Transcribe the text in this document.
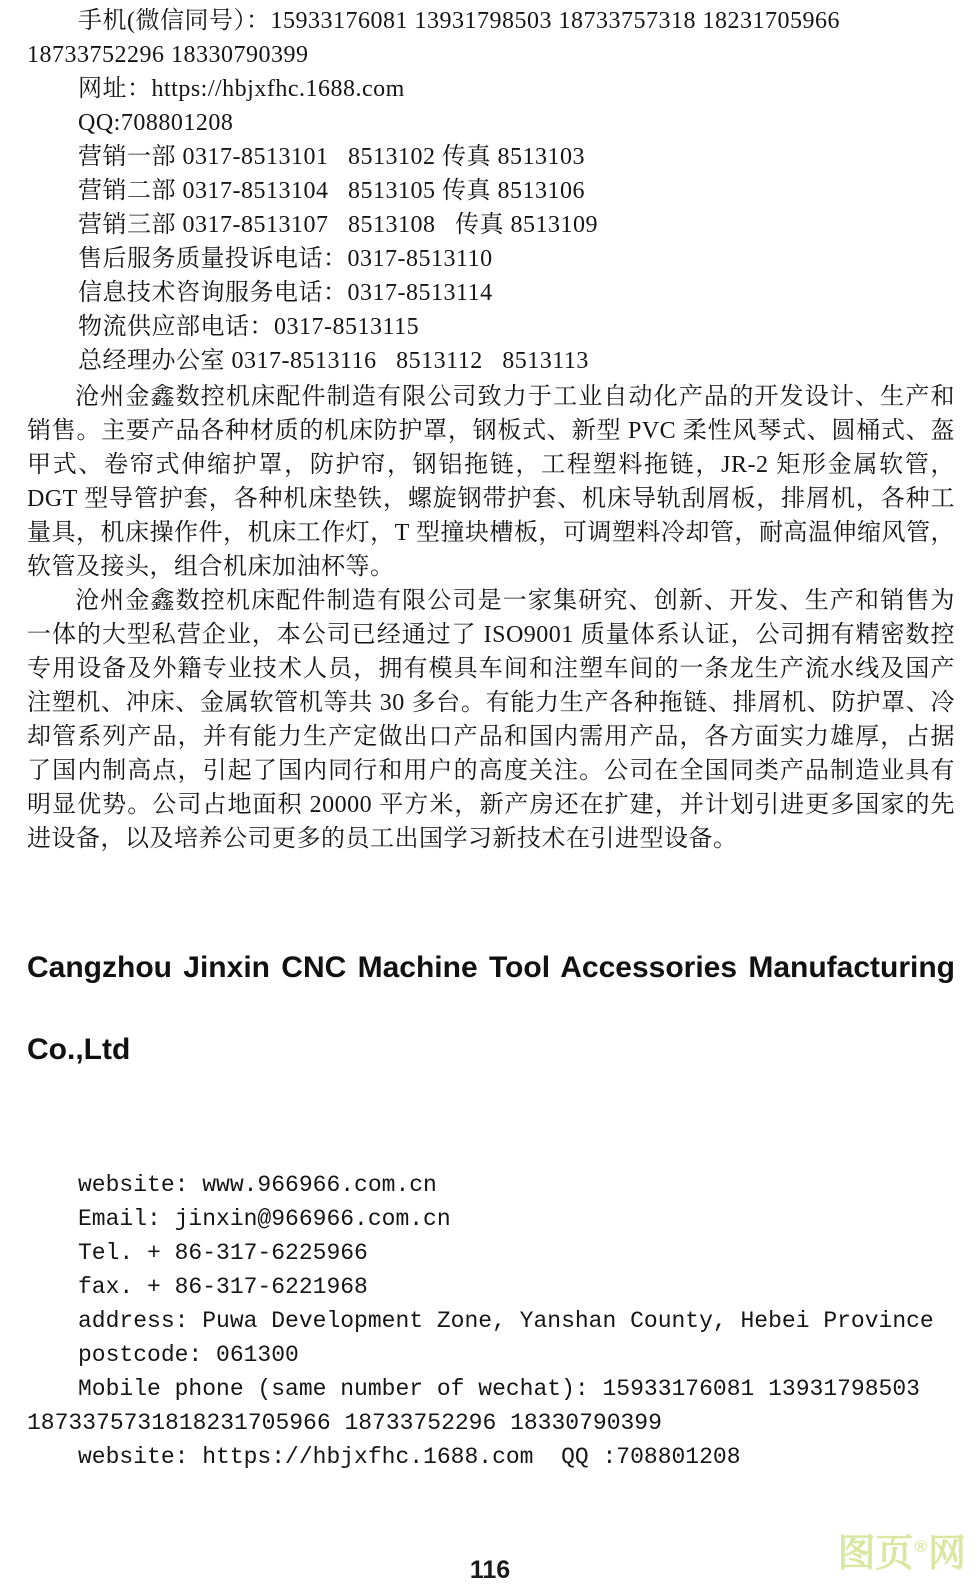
手机(微信同号）：15933176081 13931798503 18733757318 18231705966
18733752296 18330790399
网址：https://hbjxfhc.1688.com
QQ:708801208
营销一部 0317-8513101   8513102 传真 8513103
营销二部 0317-8513104   8513105 传真 8513106
营销三部 0317-8513107   8513108   传真 8513109
售后服务质量投诉电话：0317-8513110
信息技术咨询服务电话：0317-8513114
物流供应部电话：0317-8513115
总经理办公室 0317-8513116   8513112   8513113

沧州金鑫数控机床配件制造有限公司致力于工业自动化产品的开发设计、生产和销售。主要产品各种材质的机床防护罩，钢板式、新型 PVC 柔性风琴式、圆桶式、盔甲式、卷帘式伸缩护罩，防护帘，钢铝拖链，工程塑料拖链，JR-2 矩形金属软管，DGT 型导管护套，各种机床垫铁，螺旋钢带护套、机床导轨刮屑板，排屑机，各种工量具，机床操作件，机床工作灯，T 型撞块槽板，可调塑料冷却管，耐高温伸缩风管，软管及接头，组合机床加油杯等。

沧州金鑫数控机床配件制造有限公司是一家集研究、创新、开发、生产和销售为一体的大型私营企业，本公司已经通过了 ISO9001 质量体系认证，公司拥有精密数控专用设备及外籍专业技术人员，拥有模具车间和注塑车间的一条龙生产流水线及国产注塑机、冲床、金属软管机等共 30 多台。有能力生产各种拖链、排屑机、防护罩、冷却管系列产品，并有能力生产定做出口产品和国内需用产品，各方面实力雄厚，占据了国内制高点，引起了国内同行和用户的高度关注。公司在全国同类产品制造业具有明显优势。公司占地面积 20000 平方米，新产房还在扩建，并计划引进更多国家的先进设备，以及培养公司更多的员工出国学习新技术在引进型设备。

Cangzhou Jinxin CNC Machine Tool Accessories Manufacturing
Co.,Ltd
website: www.966966.com.cn
Email: jinxin@966966.com.cn
Tel. + 86-317-6225966
fax. + 86-317-6221968
address: Puwa Development Zone, Yanshan County, Hebei Province
postcode: 061300
Mobile phone (same number of wechat): 15933176081 13931798503
1873375731818231705966 18733752296 18330790399
website: https://hbjxfhc.1688.com  QQ :708801208
116	图页®网
